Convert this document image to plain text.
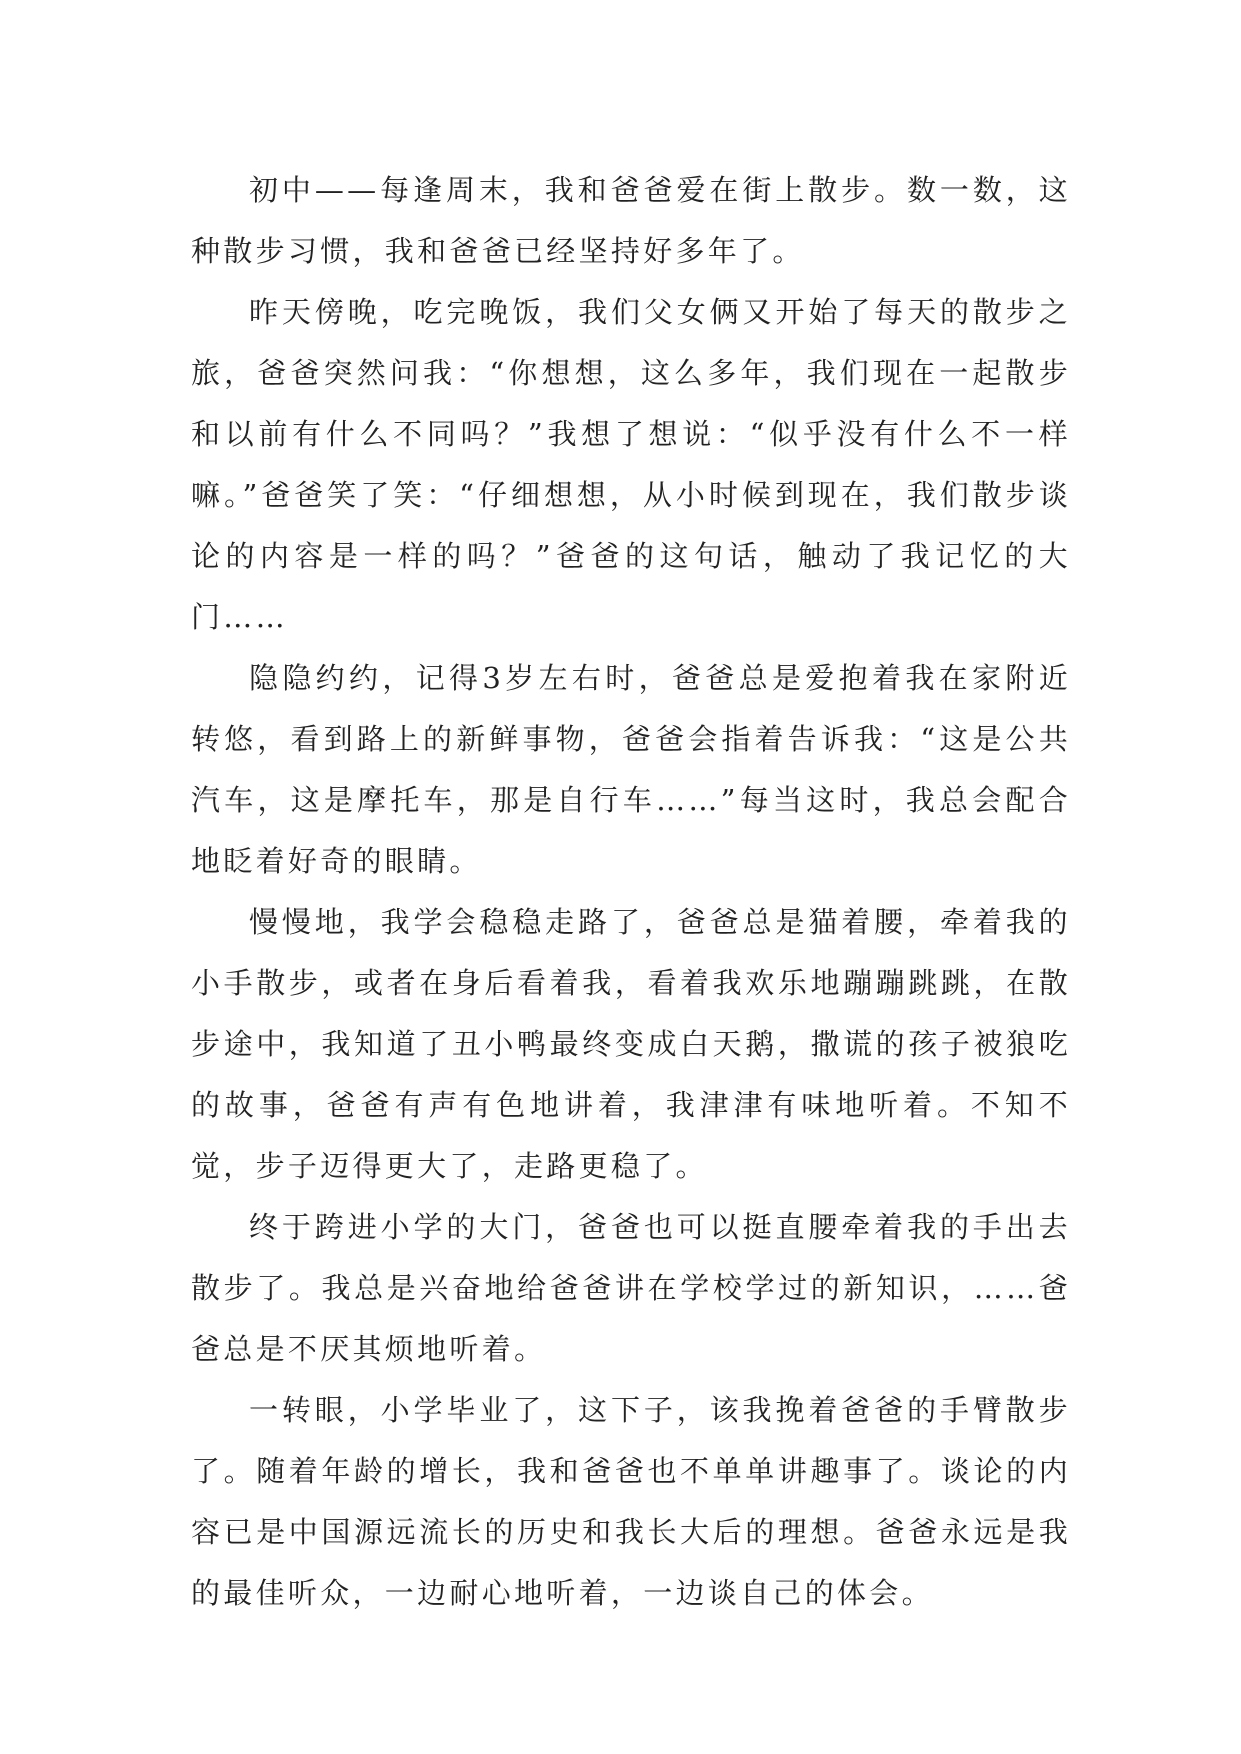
初中——每逢周末，我和爸爸爱在街上散步。数一数，这种散步习惯，我和爸爸已经坚持好多年了。

昨天傍晚，吃完晚饭，我们父女俩又开始了每天的散步之旅，爸爸突然问我：“你想想，这么多年，我们现在一起散步和以前有什么不同吗？”我想了想说：“似乎没有什么不一样嘛。”爸爸笑了笑：“仔细想想，从小时候到现在，我们散步谈论的内容是一样的吗？”爸爸的这句话，触动了我记忆的大门……

隐隐约约，记得3岁左右时，爸爸总是爱抱着我在家附近转悠，看到路上的新鲜事物，爸爸会指着告诉我：“这是公共汽车，这是摩托车，那是自行车……”每当这时，我总会配合地眨着好奇的眼睛。

慢慢地，我学会稳稳走路了，爸爸总是猫着腰，牵着我的小手散步，或者在身后看着我，看着我欢乐地蹦蹦跳跳，在散步途中，我知道了丑小鸭最终变成白天鹅，撒谎的孩子被狼吃的故事，爸爸有声有色地讲着，我津津有味地听着。不知不觉，步子迈得更大了，走路更稳了。

终于跨进小学的大门，爸爸也可以挺直腰牵着我的手出去散步了。我总是兴奋地给爸爸讲在学校学过的新知识，……爸爸总是不厌其烦地听着。

一转眼，小学毕业了，这下子，该我挽着爸爸的手臂散步了。随着年龄的增长，我和爸爸也不单单讲趣事了。谈论的内容已是中国源远流长的历史和我长大后的理想。爸爸永远是我的最佳听众，一边耐心地听着，一边谈自己的体会。
